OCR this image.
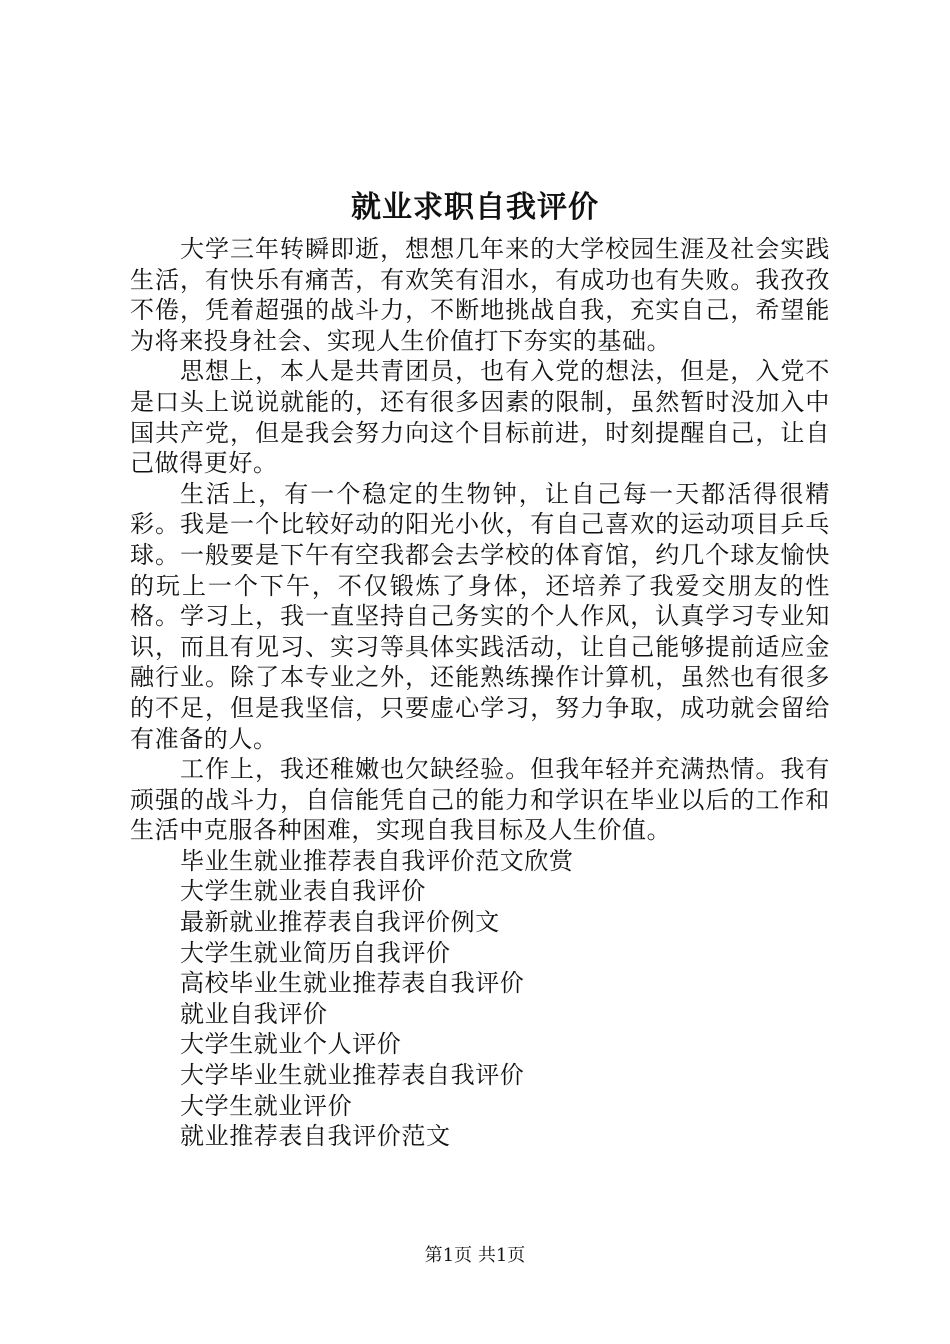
就业求职自我评价

大学三年转瞬即逝，想想几年来的大学校园生涯及社会实践生活，有快乐有痛苦，有欢笑有泪水，有成功也有失败。我孜孜不倦，凭着超强的战斗力，不断地挑战自我，充实自己，希望能为将来投身社会、实现人生价值打下夯实的基础。

思想上，本人是共青团员，也有入党的想法，但是，入党不是口头上说说就能的，还有很多因素的限制，虽然暂时没加入中国共产党，但是我会努力向这个目标前进，时刻提醒自己，让自己做得更好。

生活上，有一个稳定的生物钟，让自己每一天都活得很精彩。我是一个比较好动的阳光小伙，有自己喜欢的运动项目乒乓球。一般要是下午有空我都会去学校的体育馆，约几个球友愉快的玩上一个下午，不仅锻炼了身体，还培养了我爱交朋友的性格。学习上，我一直坚持自己务实的个人作风，认真学习专业知识，而且有见习、实习等具体实践活动，让自己能够提前适应金融行业。除了本专业之外，还能熟练操作计算机，虽然也有很多的不足，但是我坚信，只要虚心学习，努力争取，成功就会留给有准备的人。

工作上，我还稚嫩也欠缺经验。但我年轻并充满热情。我有顽强的战斗力，自信能凭自己的能力和学识在毕业以后的工作和生活中克服各种困难，实现自我目标及人生价值。

毕业生就业推荐表自我评价范文欣赏
大学生就业表自我评价
最新就业推荐表自我评价例文
大学生就业简历自我评价
高校毕业生就业推荐表自我评价
就业自我评价
大学生就业个人评价
大学毕业生就业推荐表自我评价
大学生就业评价
就业推荐表自我评价范文
第1页 共1页
